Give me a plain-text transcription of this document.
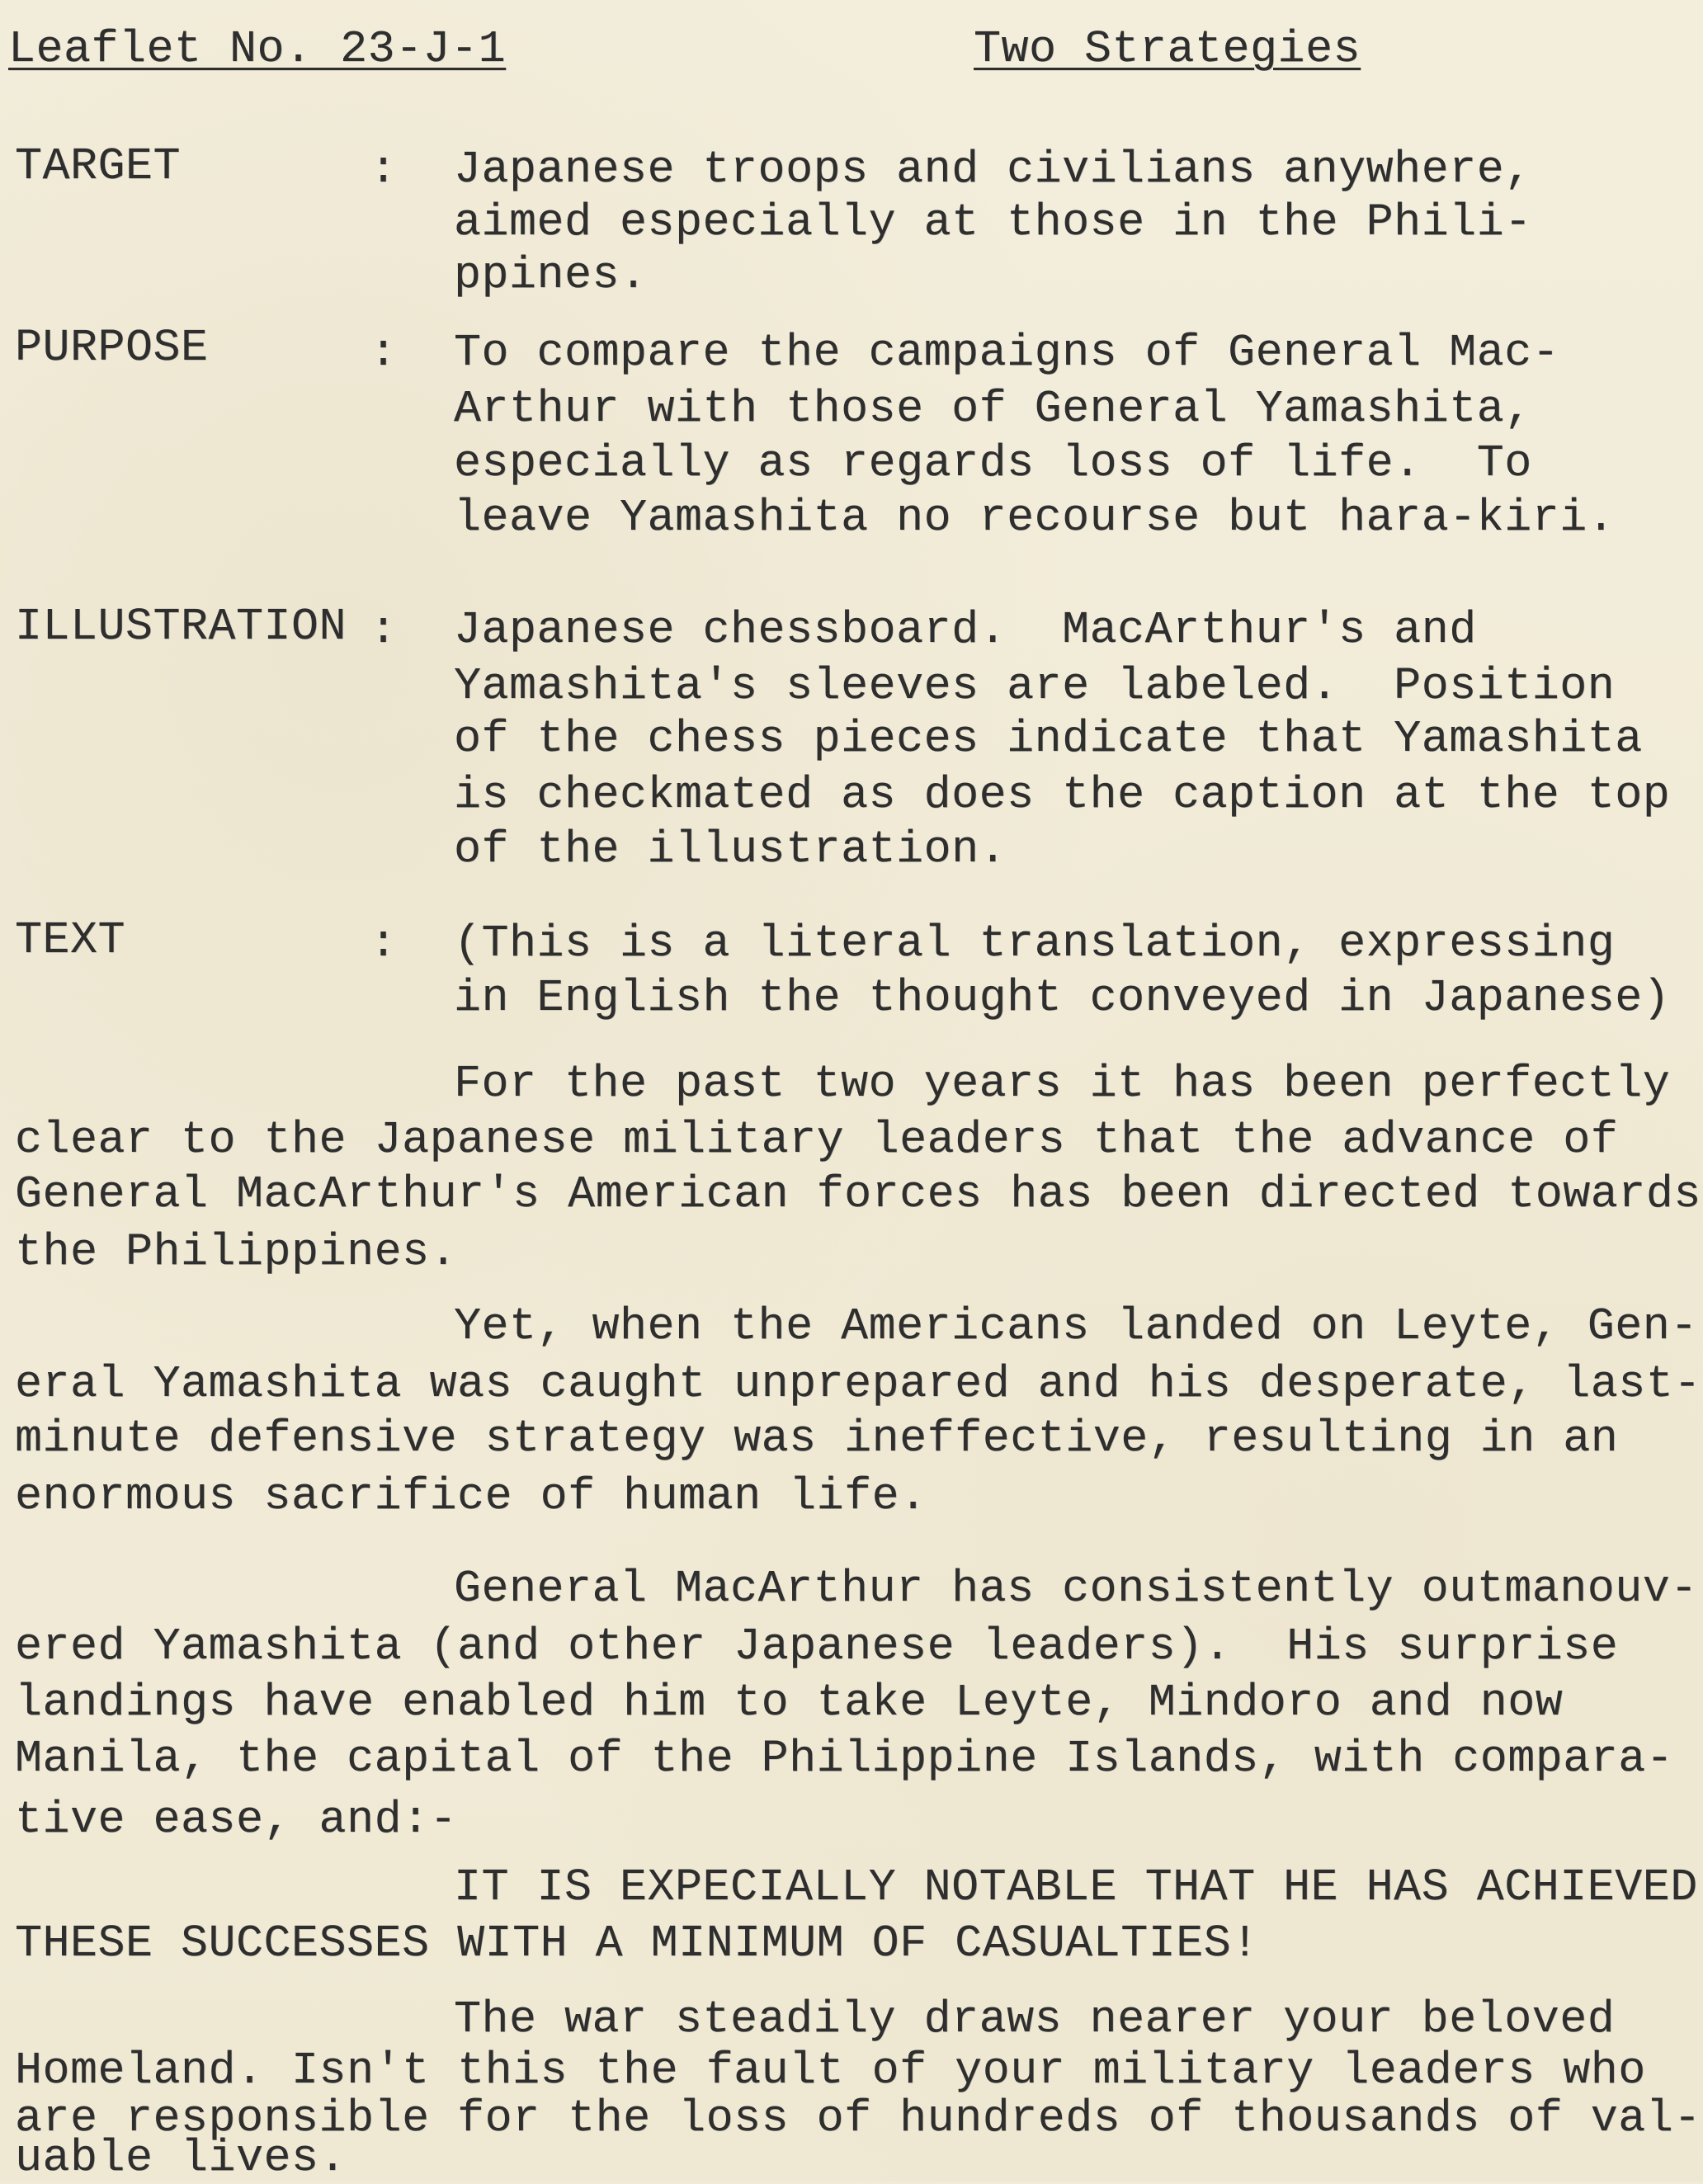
Leaflet No. 23-J-1	Two Strategies
TARGET	: Japanese troops and civilians anywhere,
aimed especially at those in the Phili-
ppines.
PURPOSE	: To compare the campaigns of General Mac-
Arthur with those of General Yamashita,
especially as regards loss of life.  To
leave Yamashita no recourse but hara-kiri.
ILLUSTRATION : Japanese chessboard.  MacArthur's and
Yamashita's sleeves are labeled.  Position
of the chess pieces indicate that Yamashita
is checkmated as does the caption at the top
of the illustration.
TEXT	: (This is a literal translation, expressing
in English the thought conveyed in Japanese)
For the past two years it has been perfectly
clear to the Japanese military leaders that the advance of
General MacArthur's American forces has been directed towards
the Philippines.
Yet, when the Americans landed on Leyte, Gen-
eral Yamashita was caught unprepared and his desperate, last-
minute defensive strategy was ineffective, resulting in an
enormous sacrifice of human life.
General MacArthur has consistently outmanouv-
ered Yamashita (and other Japanese leaders).  His surprise
landings have enabled him to take Leyte, Mindoro and now
Manila, the capital of the Philippine Islands, with compara-
tive ease, and:-
IT IS EXPECIALLY NOTABLE THAT HE HAS ACHIEVED
THESE SUCCESSES WITH A MINIMUM OF CASUALTIES!
The war steadily draws nearer your beloved
Homeland. Isn't this the fault of your military leaders who
are responsible for the loss of hundreds of thousands of val-
uable lives.
